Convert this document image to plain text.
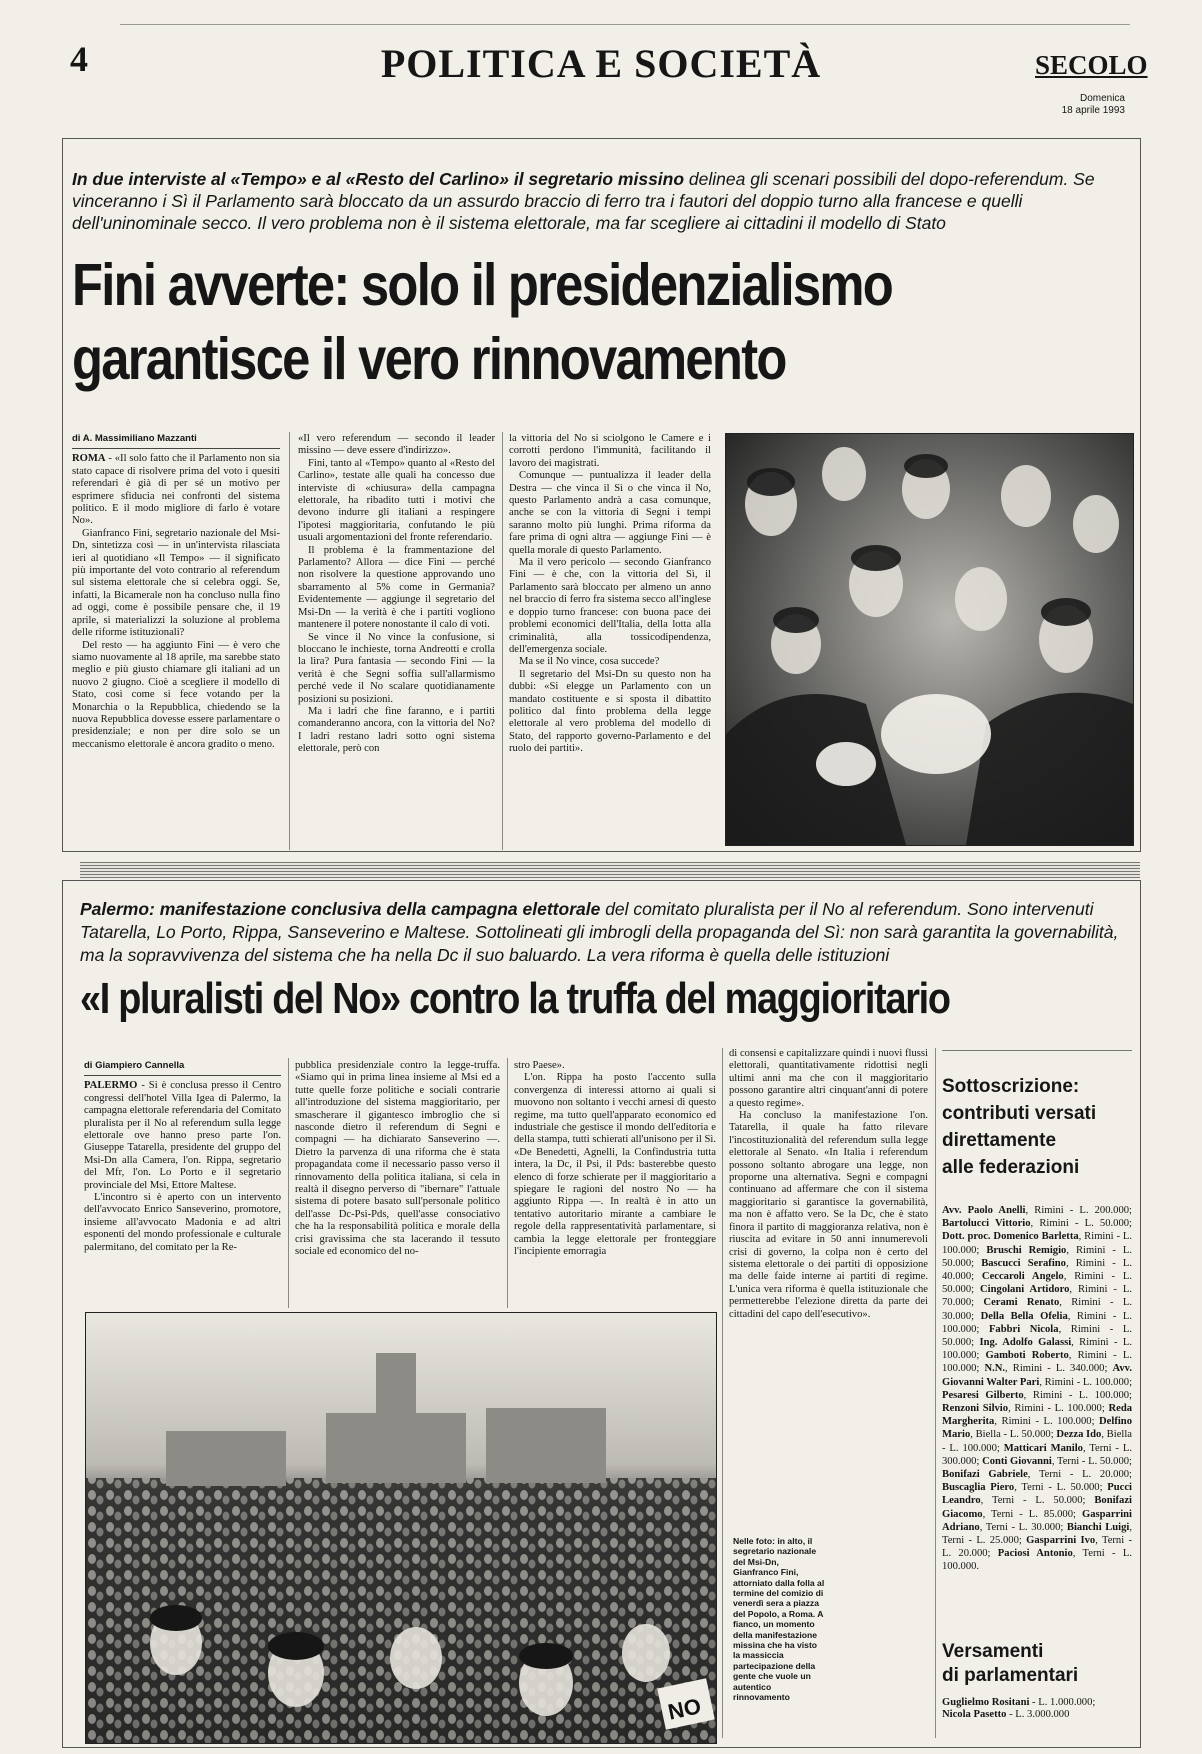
4	POLITICA E SOCIETÀ	SECOLO
Domenica
18 aprile 1993
In due interviste al «Tempo» e al «Resto del Carlino» il segretario missino delinea gli scenari possibili del dopo-referendum. Se vinceranno i Sì il Parlamento sarà bloccato da un assurdo braccio di ferro tra i fautori del doppio turno alla francese e quelli dell'uninominale secco. Il vero problema non è il sistema elettorale, ma far scegliere ai cittadini il modello di Stato
Fini avverte: solo il presidenzialismo
garantisce il vero rinnovamento
di A. Massimiliano Mazzanti

ROMA - «Il solo fatto che il Parlamento non sia stato capace di risolvere prima del voto i quesiti referendari è già di per sé un motivo per esprimere sfiducia nei confronti del sistema politico. E il modo migliore di farlo è votare No».

Gianfranco Fini, segretario nazionale del Msi-Dn, sintetizza così — in un'intervista rilasciata ieri al quotidiano «Il Tempo» — il significato più importante del voto contrario al referendum sul sistema elettorale che si celebra oggi. Se, infatti, la Bicamerale non ha concluso nulla fino ad oggi, come è possibile pensare che, il 19 aprile, si materializzi la soluzione al problema delle riforme istituzionali?

Del resto — ha aggiunto Fini — è vero che siamo nuovamente al 18 aprile, ma sarebbe stato meglio e più giusto chiamare gli italiani ad un nuovo 2 giugno. Cioè a scegliere il modello di Stato, così come si fece votando per la Monarchia o la Repubblica, chiedendo se la nuova Repubblica dovesse essere parlamentare o presidenziale; e non per dire solo se un meccanismo elettorale è ancora gradito o meno.

«Il vero referendum — secondo il leader missino — deve essere d'indirizzo».

Fini, tanto al «Tempo» quanto al «Resto del Carlino», testate alle quali ha concesso due interviste di «chiusura» della campagna elettorale, ha ribadito tutti i motivi che devono indurre gli italiani a respingere l'ipotesi maggioritaria, confutando le più usuali argomentazioni del fronte referendario.

Il problema è la frammentazione del Parlamento? Allora — dice Fini — perché non risolvere la questione approvando uno sbarramento al 5% come in Germania? Evidentemente — aggiunge il segretario del Msi-Dn — la verità è che i partiti vogliono mantenere il potere nonostante il calo di voti.

Se vince il No vince la confusione, si bloccano le inchieste, torna Andreotti e crolla la lira? Pura fantasia — secondo Fini — la verità è che Segni soffia sull'allarmismo perché vede il No scalare quotidianamente posizioni su posizioni.

Ma i ladri che fine faranno, e i partiti comanderanno ancora, con la vittoria del No? I ladri restano ladri sotto ogni sistema elettorale, però con

la vittoria del No si sciolgono le Camere e i corrotti perdono l'immunità, facilitando il lavoro dei magistrati.

Comunque — puntualizza il leader della Destra — che vinca il Sì o che vinca il No, questo Parlamento andrà a casa comunque, anche se con la vittoria di Segni i tempi saranno molto più lunghi. Prima riforma da fare prima di ogni altra — aggiunge Fini — è quella morale di questo Parlamento.

Ma il vero pericolo — secondo Gianfranco Fini — è che, con la vittoria del Sì, il Parlamento sarà bloccato per almeno un anno nel braccio di ferro fra sistema secco all'inglese e doppio turno francese: con buona pace dei problemi economici dell'Italia, della lotta alla criminalità, alla tossicodipendenza, dell'emergenza sociale.

Ma se il No vince, cosa succede?

Il segretario del Msi-Dn su questo non ha dubbi: «Si elegge un Parlamento con un mandato costituente e si sposta il dibattito politico dal finto problema della legge elettorale al vero problema del modello di Stato, del rapporto governo-Parlamento e del ruolo dei partiti».

Palermo: manifestazione conclusiva della campagna elettorale del comitato pluralista per il No al referendum. Sono intervenuti Tatarella, Lo Porto, Rippa, Sanseverino e Maltese. Sottolineati gli imbrogli della propaganda del Sì: non sarà garantita la governabilità, ma la sopravvivenza del sistema che ha nella Dc il suo baluardo. La vera riforma è quella delle istituzioni
«I pluralisti del No» contro la truffa del maggioritario
di Giampiero Cannella

PALERMO - Si è conclusa presso il Centro congressi dell'hotel Villa Igea di Palermo, la campagna elettorale referendaria del Comitato pluralista per il No al referendum sulla legge elettorale ove hanno preso parte l'on. Giuseppe Tatarella, presidente del gruppo del Msi-Dn alla Camera, l'on. Rippa, segretario del Mfr, l'on. Lo Porto e il segretario provinciale del Msi, Ettore Maltese.

L'incontro si è aperto con un intervento dell'avvocato Enrico Sanseverino, promotore, insieme all'avvocato Madonia e ad altri esponenti del mondo professionale e culturale palermitano, del comitato per la Re-

pubblica presidenziale contro la legge-truffa. «Siamo qui in prima linea insieme al Msi ed a tutte quelle forze politiche e sociali contrarie all'introduzione del sistema maggioritario, per smascherare il gigantesco imbroglio che si nasconde dietro il referendum di Segni e compagni — ha dichiarato Sanseverino —. Dietro la parvenza di una riforma che è stata propagandata come il necessario passo verso il rinnovamento della politica italiana, si cela in realtà il disegno perverso di "ibernare" l'attuale sistema di potere basato sull'personale politico dell'asse Dc-Psi-Pds, quell'asse consociativo che ha la responsabilità politica e morale della crisi gravissima che sta lacerando il tessuto sociale ed economico del no-

stro Paese».

L'on. Rippa ha posto l'accento sulla convergenza di interessi attorno ai quali si muovono non soltanto i vecchi arnesi di questo regime, ma tutto quell'apparato economico ed industriale che gestisce il mondo dell'editoria e della stampa, tutti schierati all'unisono per il Sì. «De Benedetti, Agnelli, la Confindustria tutta intera, la Dc, il Psi, il Pds: basterebbe questo elenco di forze schierate per il maggioritario a spiegare le ragioni del nostro No — ha aggiunto Rippa —. In realtà è in atto un tentativo autoritario mirante a cambiare le regole della rappresentatività parlamentare, si cambia la legge elettorale per fronteggiare l'incipiente emorragia

di consensi e capitalizzare quindi i nuovi flussi elettorali, quantitativamente ridottisi negli ultimi anni ma che con il maggioritario possono garantire altri cinquant'anni di potere a questo regime».

Ha concluso la manifestazione l'on. Tatarella, il quale ha fatto rilevare l'incostituzionalità del referendum sulla legge elettorale al Senato. «In Italia i referendum possono soltanto abrogare una legge, non proporne una alternativa. Segni e compagni continuano ad affermare che con il sistema maggioritario si garantisce la governabilità, ma non è affatto vero. Se la Dc, che è stato finora il partito di maggioranza relativa, non è riuscita ad evitare in 50 anni innumerevoli crisi di governo, la colpa non è certo del sistema elettorale o dei partiti di opposizione ma delle faide interne ai partiti di regime. L'unica vera riforma è quella istituzionale che permetterebbe l'elezione diretta da parte dei cittadini del capo dell'esecutivo».

NO
Nelle foto: in alto, il segretario nazionale del Msi-Dn, Gianfranco Fini, attorniato dalla folla al termine del comizio di venerdì sera a piazza del Popolo, a Roma. A fianco, un momento della manifestazione missina che ha visto la massiccia partecipazione della gente che vuole un autentico rinnovamento
Sottoscrizione:
contributi versati
direttamente
alle federazioni
Avv. Paolo Anelli, Rimini - L. 200.000; Bartolucci Vittorio, Rimini - L. 50.000; Dott. proc. Domenico Barletta, Rimini - L. 100.000; Bruschi Remigio, Rimini - L. 50.000; Bascucci Serafino, Rimini - L. 40.000; Ceccaroli Angelo, Rimini - L. 50.000; Cingolani Artidoro, Rimini - L. 70.000; Cerami Renato, Rimini - L. 30.000; Della Bella Ofelia, Rimini - L. 100.000; Fabbri Nicola, Rimini - L. 50.000; Ing. Adolfo Galassi, Rimini - L. 100.000; Gamboti Roberto, Rimini - L. 100.000; N.N., Rimini - L. 340.000; Avv. Giovanni Walter Pari, Rimini - L. 100.000; Pesaresi Gilberto, Rimini - L. 100.000; Renzoni Silvio, Rimini - L. 100.000; Reda Margherita, Rimini - L. 100.000; Delfino Mario, Biella - L. 50.000; Dezza Ido, Biella - L. 100.000; Matticari Manilo, Terni - L. 300.000; Conti Giovanni, Terni - L. 50.000; Bonifazi Gabriele, Terni - L. 20.000; Buscaglia Piero, Terni - L. 50.000; Pucci Leandro, Terni - L. 50.000; Bonifazi Giacomo, Terni - L. 85.000; Gasparrini Adriano, Terni - L. 30.000; Bianchi Luigi, Terni - L. 25.000; Gasparrini Ivo, Terni - L. 20.000; Paciosi Antonio, Terni - L. 100.000.
Versamenti
di parlamentari
Guglielmo Rositani - L. 1.000.000;
Nicola Pasetto - L. 3.000.000
